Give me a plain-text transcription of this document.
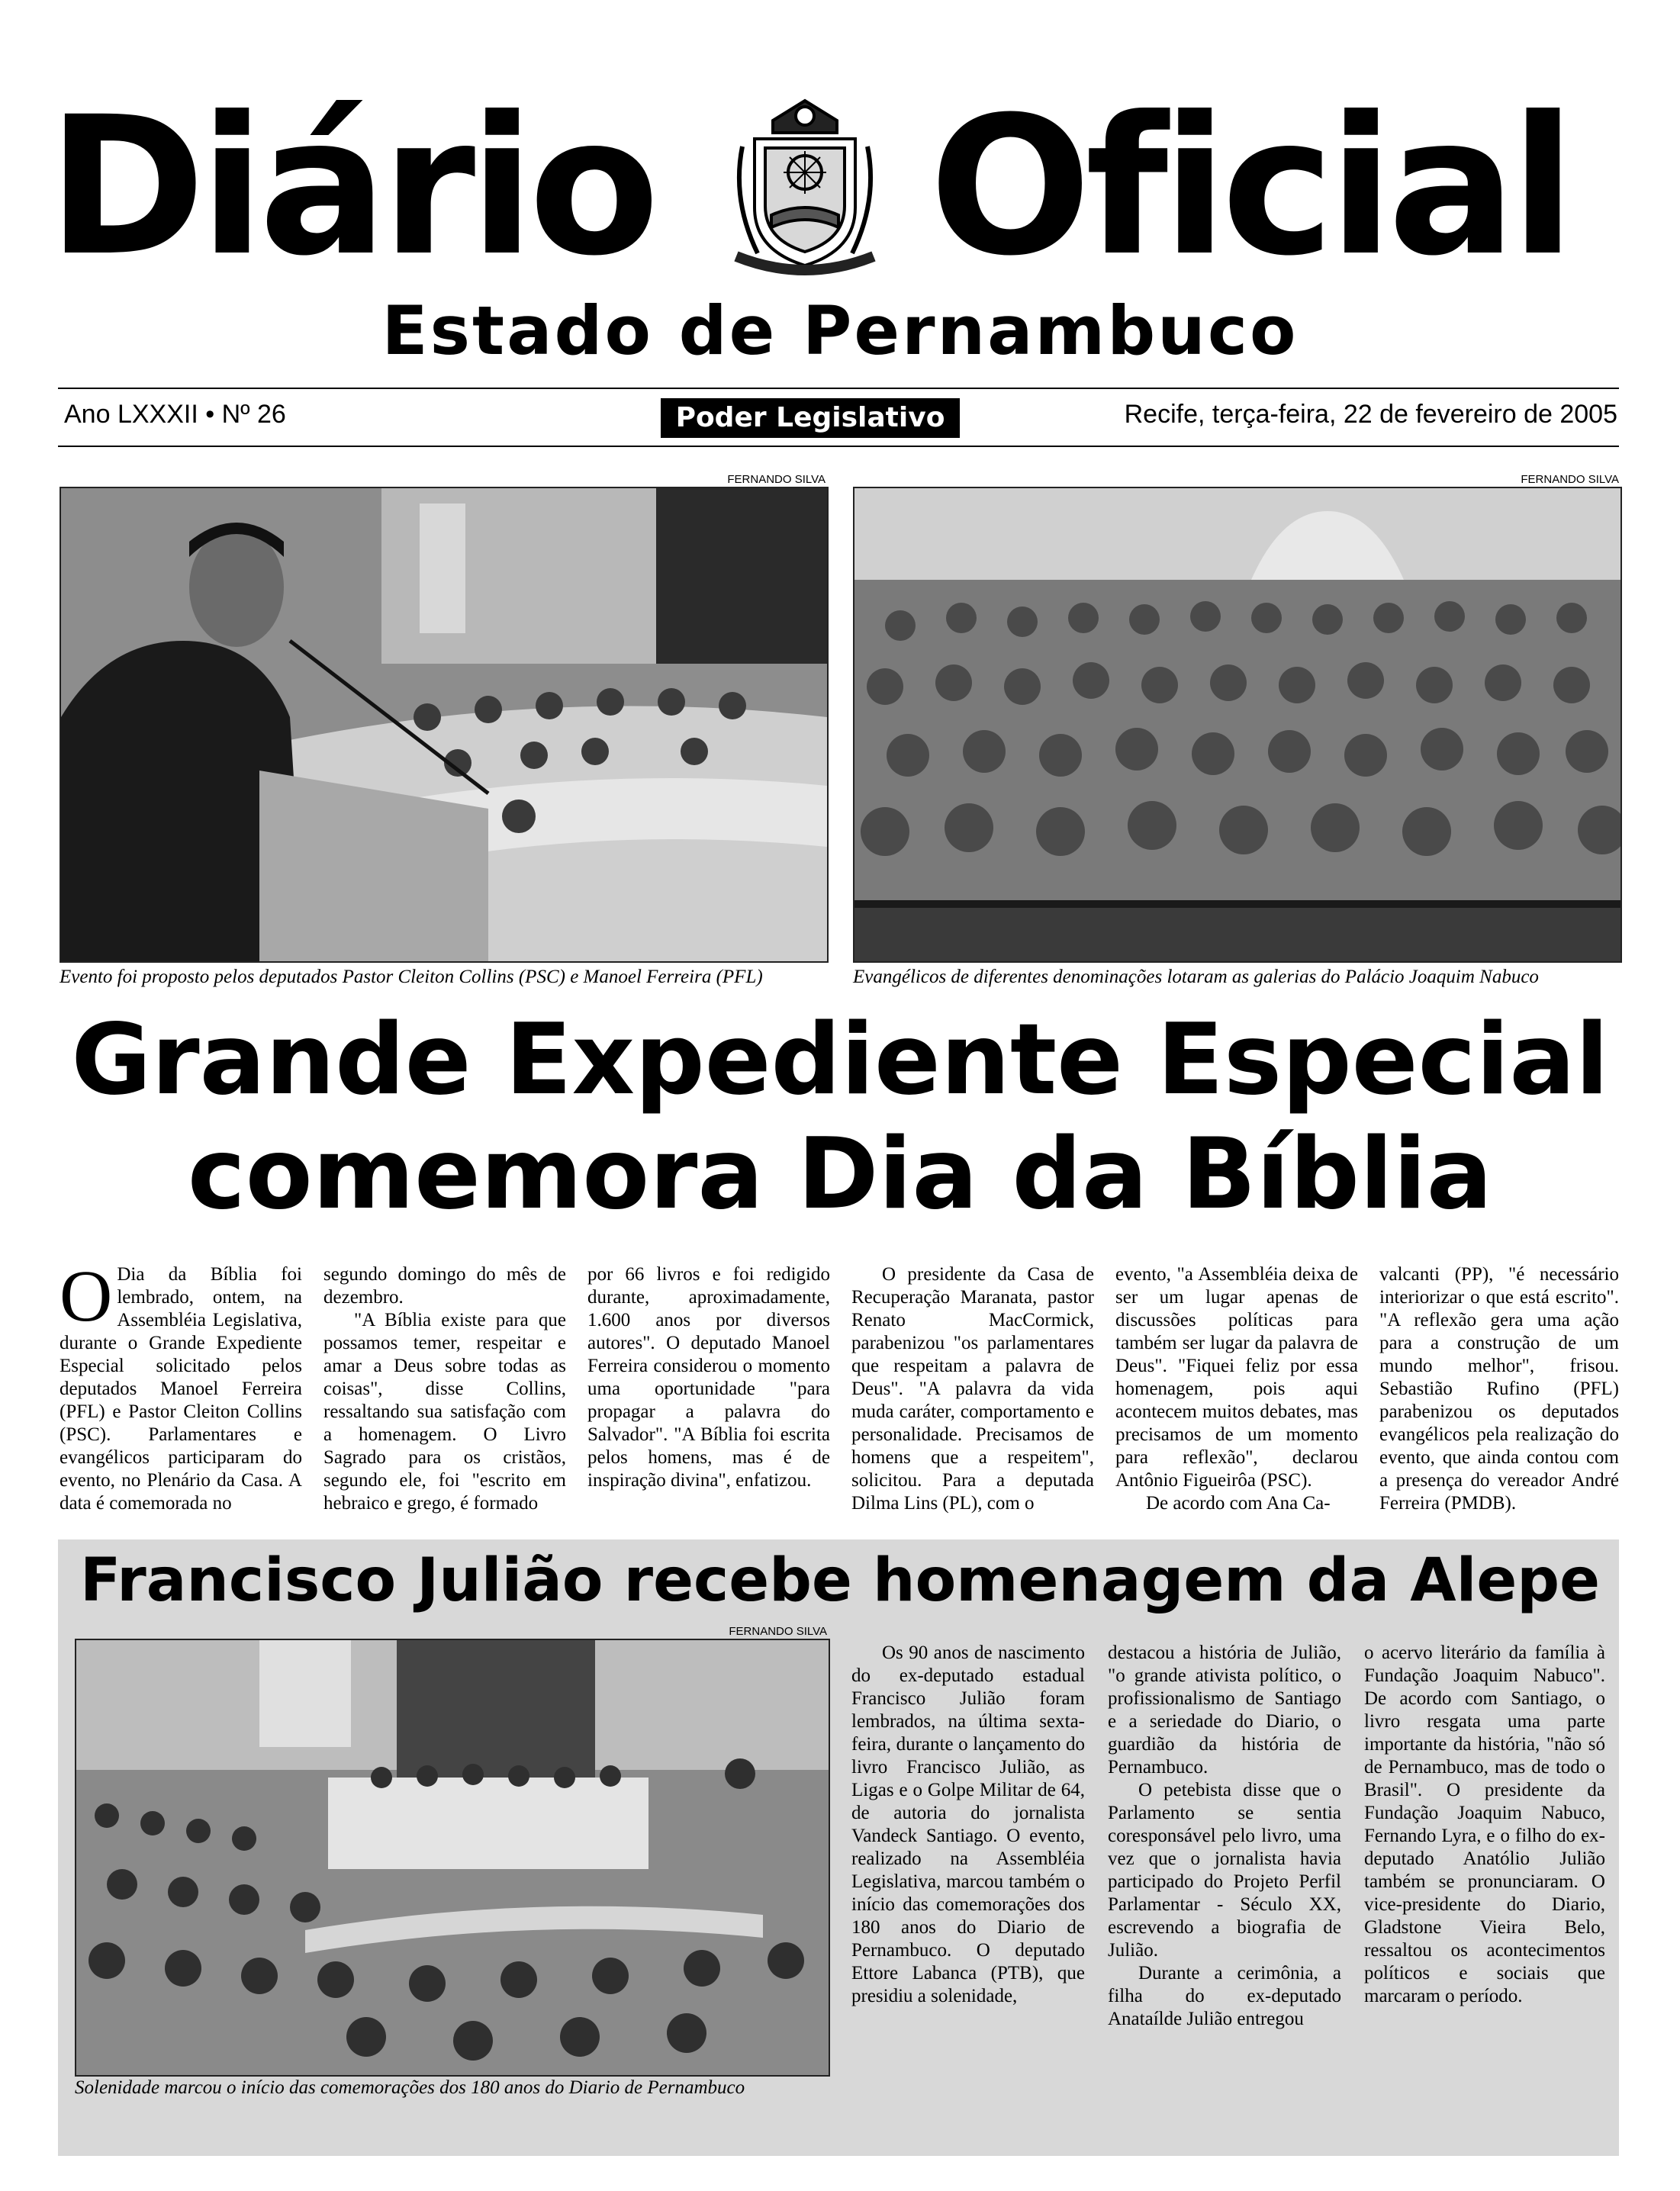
Diário Oficial
Estado de Pernambuco
Ano LXXXII • Nº 26	Poder Legislativo	Recife, terça-feira, 22 de fevereiro de 2005
FERNANDO SILVA
Evento foi proposto pelos deputados Pastor Cleiton Collins (PSC) e Manoel Ferreira (PFL)
FERNANDO SILVA
Evangélicos de diferentes denominações lotaram as galerias do Palácio Joaquim Nabuco
Grande Expediente Especial
comemora Dia da Bíblia
O Dia da Bíblia foi lembrado, ontem, na Assembléia Legislativa, durante o Grande Expediente Especial solicitado pelos deputados Manoel Ferreira (PFL) e Pastor Cleiton Collins (PSC). Parlamentares e evangélicos participaram do evento, no Plenário da Casa. A data é comemorada no

segundo domingo do mês de dezembro.

"A Bíblia existe para que possamos temer, respeitar e amar a Deus sobre todas as coisas", disse Collins, ressaltando sua satisfação com a homenagem. O Livro Sagrado para os cristãos, segundo ele, foi "escrito em hebraico e grego, é formado

por 66 livros e foi redigido durante, aproximadamente, 1.600 anos por diversos autores". O deputado Manoel Ferreira considerou o momento uma oportunidade "para propagar a palavra do Salvador". "A Bíblia foi escrita pelos homens, mas é de inspiração divina", enfatizou.

O presidente da Casa de Recuperação Maranata, pastor Renato MacCormick, parabenizou "os parlamentares que respeitam a palavra de Deus". "A palavra da vida muda caráter, comportamento e personalidade. Precisamos de homens que a respeitem", solicitou. Para a deputada Dilma Lins (PL), com o

evento, "a Assembléia deixa de ser um lugar apenas de discussões políticas para também ser lugar da palavra de Deus". "Fiquei feliz por essa homenagem, pois aqui acontecem muitos debates, mas precisamos de um momento para reflexão", declarou Antônio Figueirôa (PSC).

De acordo com Ana Ca-

valcanti (PP), "é necessário interiorizar o que está escrito". "A reflexão gera uma ação para a construção de um mundo melhor", frisou. Sebastião Rufino (PFL) parabenizou os deputados evangélicos pela realização do evento, que ainda contou com a presença do vereador André Ferreira (PMDB).

Francisco Julião recebe homenagem da Alepe
FERNANDO SILVA
Solenidade marcou o início das comemorações dos 180 anos do Diario de Pernambuco

Os 90 anos de nascimento do ex-deputado estadual Francisco Julião foram lembrados, na última sexta-feira, durante o lançamento do livro Francisco Julião, as Ligas e o Golpe Militar de 64, de autoria do jornalista Vandeck Santiago. O evento, realizado na Assembléia Legislativa, marcou também o início das comemorações dos 180 anos do Diario de Pernambuco. O deputado Ettore Labanca (PTB), que presidiu a solenidade,

destacou a história de Julião, "o grande ativista político, o profissionalismo de Santiago e a seriedade do Diario, o guardião da história de Pernambuco.

O petebista disse que o Parlamento se sentia coresponsável pelo livro, uma vez que o jornalista havia participado do Projeto Perfil Parlamentar - Século XX, escrevendo a biografia de Julião.

Durante a cerimônia, a filha do ex-deputado Anataílde Julião entregou

o acervo literário da família à Fundação Joaquim Nabuco". De acordo com Santiago, o livro resgata uma parte importante da história, "não só de Pernambuco, mas de todo o Brasil". O presidente da Fundação Joaquim Nabuco, Fernando Lyra, e o filho do ex-deputado Anatólio Julião também se pronunciaram. O vice-presidente do Diario, Gladstone Vieira Belo, ressaltou os acontecimentos políticos e sociais que marcaram o período.
